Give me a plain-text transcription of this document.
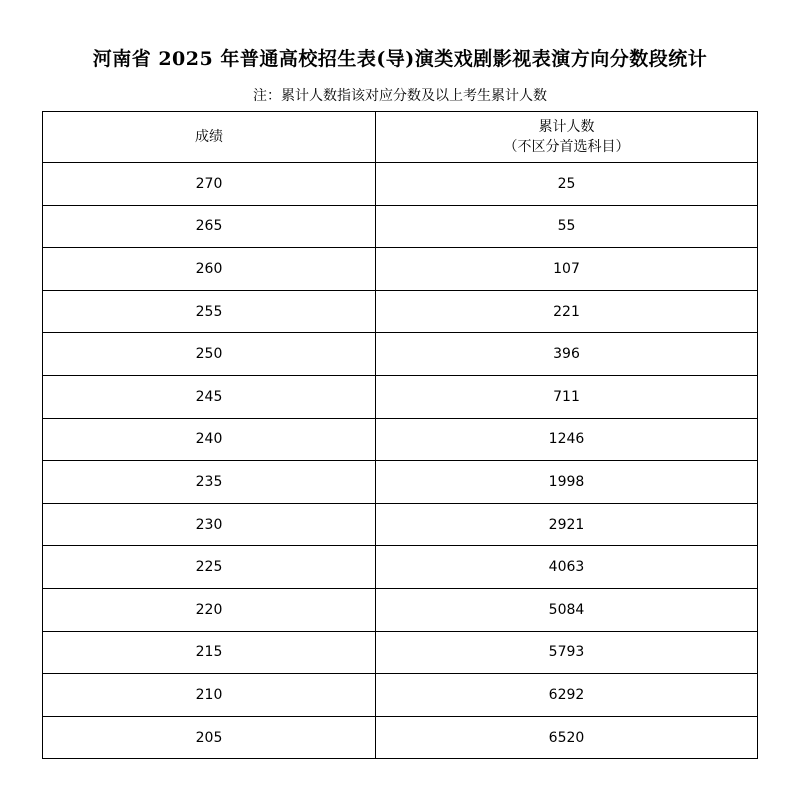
河南省 2025 年普通高校招生表(导)演类戏剧影视表演方向分数段统计
注：累计人数指该对应分数及以上考生累计人数
成绩	累计人数
（不区分首选科目）

270	25
265	55
260	107
255	221
250	396
245	711
240	1246
235	1998
230	2921
225	4063
220	5084
215	5793
210	6292
205	6520
